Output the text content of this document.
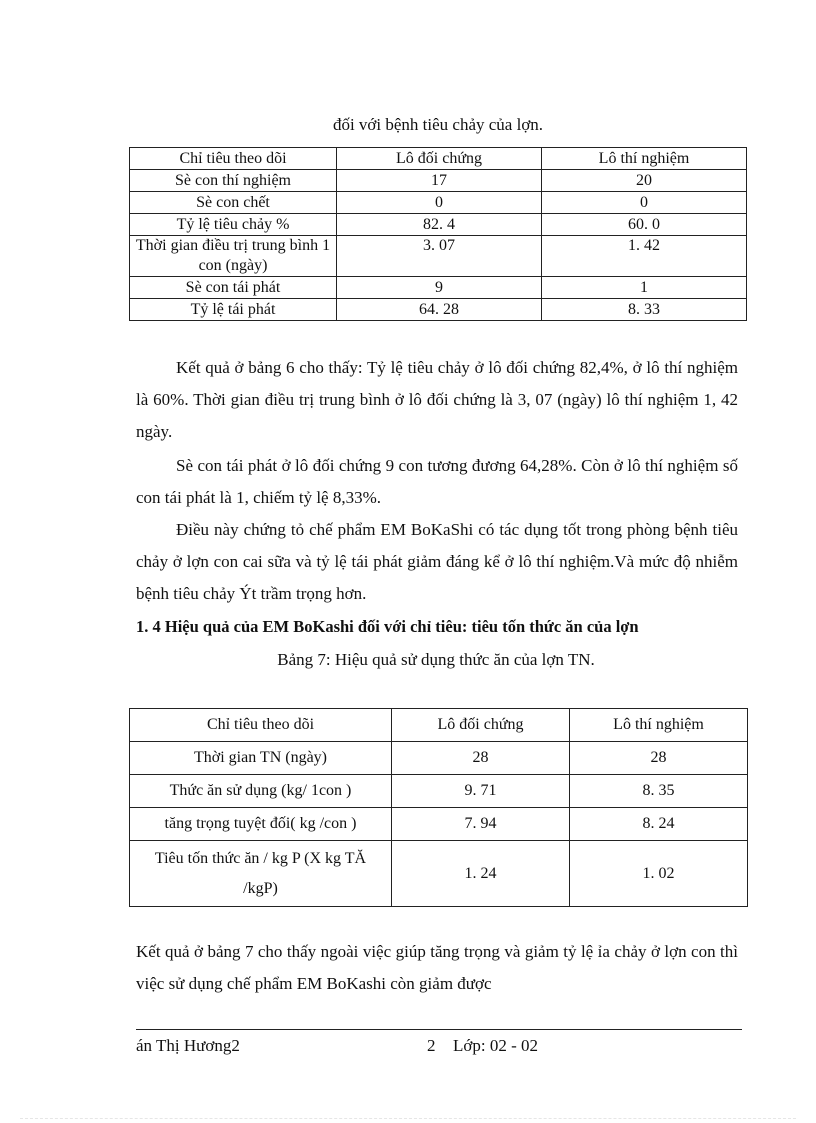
đối với bệnh tiêu chảy của lợn.
Chỉ tiêu theo dõi	Lô đối chứng	Lô thí nghiệm
Sè con thí nghiệm	17	20
Sè con chết	0	0
Tỷ lệ tiêu chảy %	82. 4	60. 0
Thời gian điều trị trung bình 1 con (ngày)	3. 07	1. 42
Sè con tái phát	9	1
Tỷ lệ tái phát	64. 28	8. 33

Kết quả ở bảng 6 cho thấy: Tỷ lệ tiêu chảy ở lô đối chứng 82,4%, ở lô thí nghiệm là 60%. Thời gian điều trị trung bình ở lô đối chứng là 3, 07 (ngày) lô thí nghiệm 1, 42 ngày.

Sè con tái phát ở lô đối chứng 9 con tương đương 64,28%. Còn ở lô thí nghiệm số con tái phát là 1, chiếm tỷ lệ 8,33%.

Điều này chứng tỏ chế phẩm EM BoKaShi có tác dụng tốt trong phòng bệnh tiêu chảy ở lợn con cai sữa và tỷ lệ tái phát giảm đáng kể ở lô thí nghiệm.Và mức độ nhiễm bệnh tiêu chảy Ýt trầm trọng hơn.

1. 4 Hiệu quả của EM BoKashi đối với chỉ tiêu: tiêu tốn thức ăn của lợn

Bảng 7: Hiệu quả sử dụng thức ăn của lợn TN.
Chỉ tiêu theo dõi	Lô đối chứng	Lô thí nghiệm
Thời gian TN (ngày)	28	28
Thức ăn sử dụng (kg/ 1con )	9. 71	8. 35
tăng trọng tuyệt đối( kg /con )	7. 94	8. 24
Tiêu tốn thức ăn / kg P (X kg TĂ /kgP)	1. 24	1. 02

Kết quả ở bảng 7 cho thấy ngoài việc giúp tăng trọng và giảm tỷ lệ ỉa chảy ở lợn con thì việc sử dụng chế phẩm EM BoKashi còn giảm được

án Thị Hương2	2 Lớp: 02 - 02
